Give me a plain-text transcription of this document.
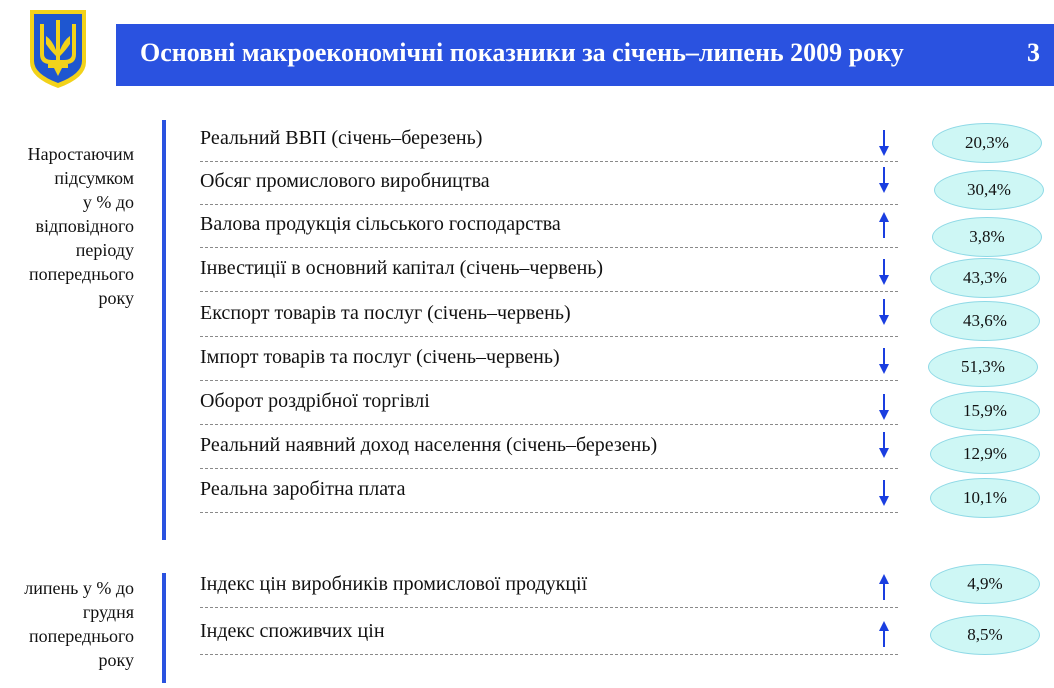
Основні макроекономічні показники за січень–липень 2009 року	3
Наростаючим
підсумком
у % до
відповідного
періоду
попереднього
року
липень у % до
грудня
попереднього
року
Реальний ВВП (січень–березень)
Обсяг промислового виробництва
Валова продукція сільського господарства
Інвестиції в основний капітал (січень–червень)
Експорт товарів та послуг (січень–червень)
Імпорт товарів та послуг (січень–червень)
Оборот роздрібної торгівлі
Реальний наявний доход населення (січень–березень)
Реальна заробітна плата
Індекс цін виробників промислової продукції
Індекс споживчих цін
20,3%
30,4%
3,8%
43,3%
43,6%
51,3%
15,9%
12,9%
10,1%
4,9%
8,5%
